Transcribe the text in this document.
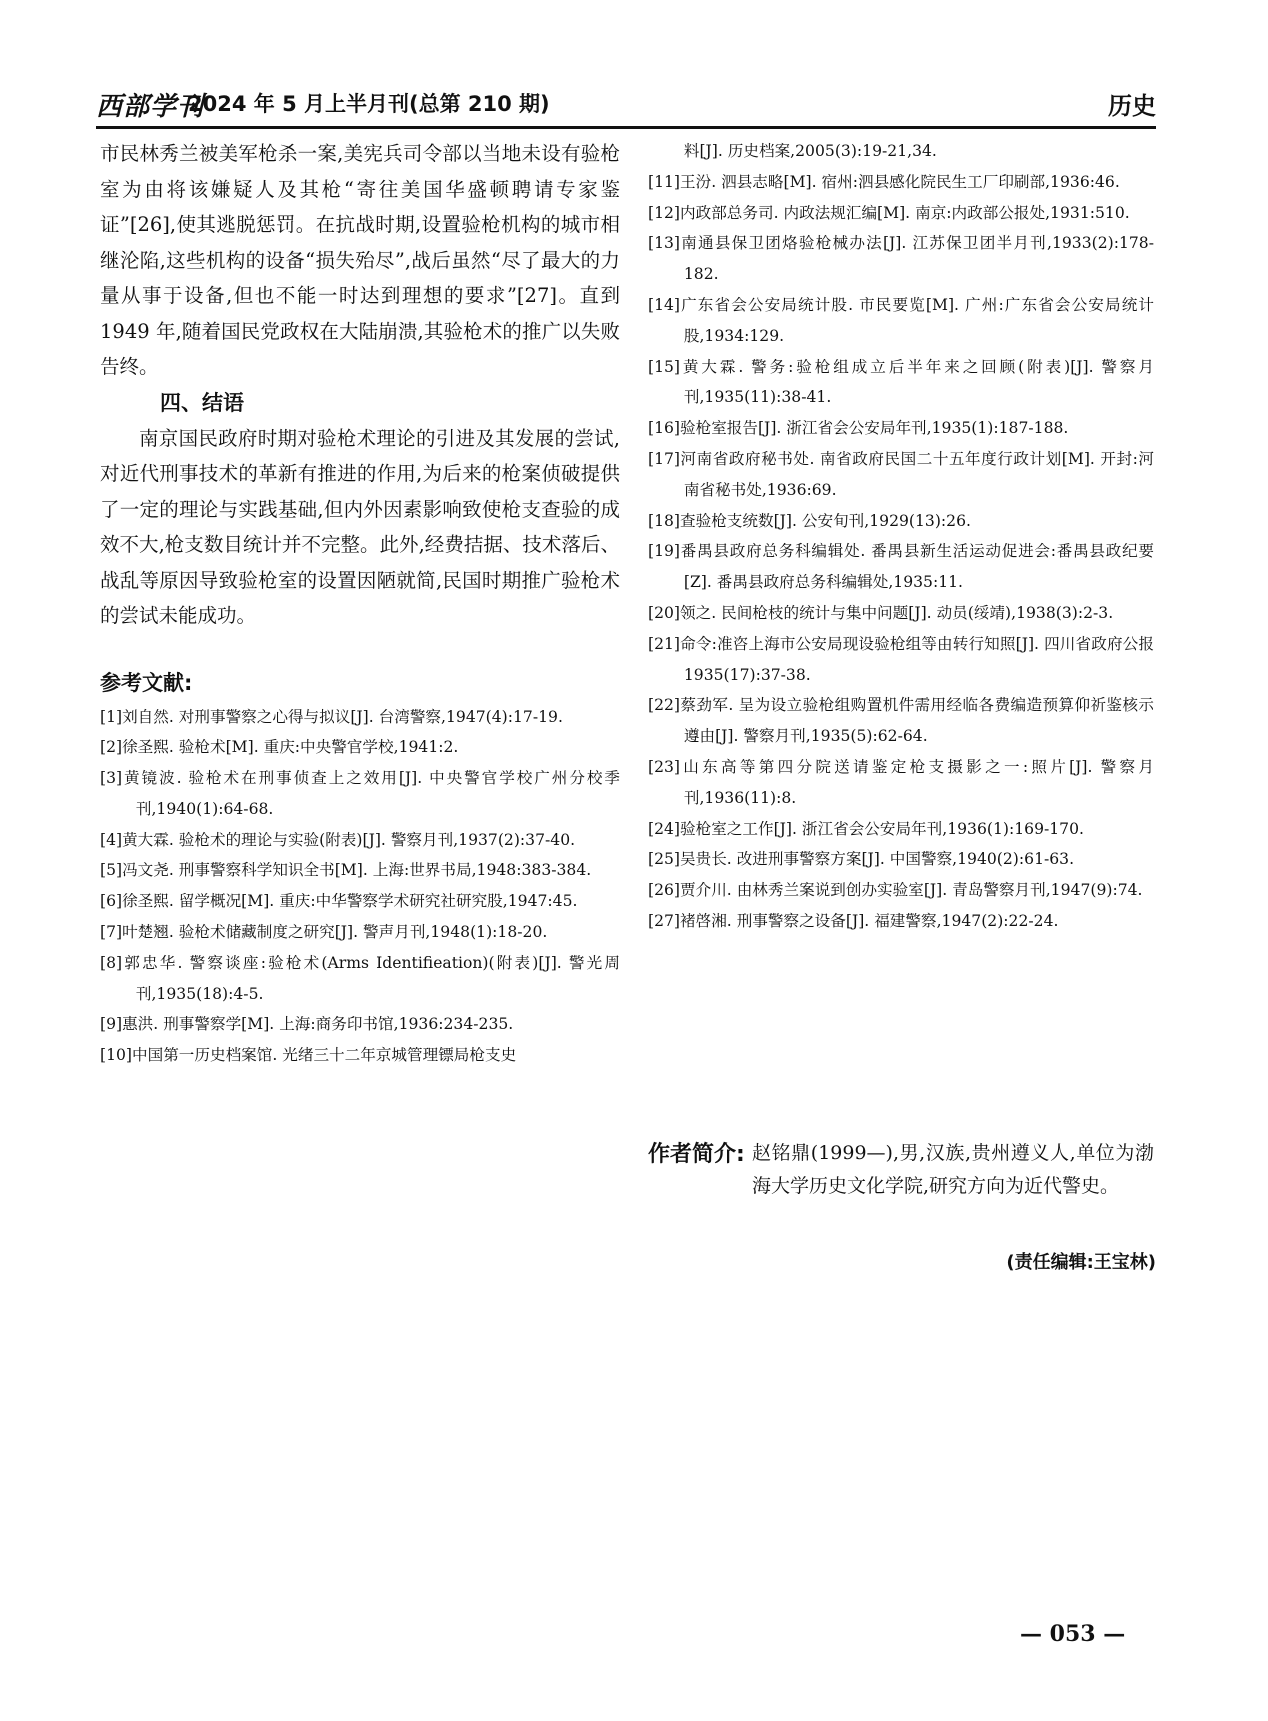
西部学刊
2024 年 5 月上半月刊(总第 210 期)	历史

市民林秀兰被美军枪杀一案,美宪兵司令部以当地未设有验枪室为由将该嫌疑人及其枪“寄往美国华盛顿聘请专家鉴证”[26],使其逃脱惩罚。在抗战时期,设置验枪机构的城市相继沦陷,这些机构的设备“损失殆尽”,战后虽然“尽了最大的力量从事于设备,但也不能一时达到理想的要求”[27]。直到 1949 年,随着国民党政权在大陆崩溃,其验枪术的推广以失败告终。

四、结语

南京国民政府时期对验枪术理论的引进及其发展的尝试,对近代刑事技术的革新有推进的作用,为后来的枪案侦破提供了一定的理论与实践基础,但内外因素影响致使枪支查验的成效不大,枪支数目统计并不完整。此外,经费拮据、技术落后、战乱等原因导致验枪室的设置因陋就简,民国时期推广验枪术的尝试未能成功。

参考文献:

[1]刘自然. 对刑事警察之心得与拟议[J]. 台湾警察,1947(4):17-19.

[2]徐圣熙. 验枪术[M]. 重庆:中央警官学校,1941:2.

[3]黄镜波. 验枪术在刑事侦查上之效用[J]. 中央警官学校广州分校季刊,1940(1):64-68.

[4]黄大霖. 验枪术的理论与实验(附表)[J]. 警察月刊,1937(2):37-40.

[5]冯文尧. 刑事警察科学知识全书[M]. 上海:世界书局,1948:383-384.

[6]徐圣熙. 留学概况[M]. 重庆:中华警察学术研究社研究股,1947:45.

[7]叶楚翘. 验枪术储藏制度之研究[J]. 警声月刊,1948(1):18-20.

[8]郭忠华. 警察谈座:验枪术(Arms Identifieation)(附表)[J]. 警光周刊,1935(18):4-5.

[9]惠洪. 刑事警察学[M]. 上海:商务印书馆,1936:234-235.

[10]中国第一历史档案馆. 光绪三十二年京城管理镖局枪支史

料[J]. 历史档案,2005(3):19-21,34.

[11]王汾. 泗县志略[M]. 宿州:泗县感化院民生工厂印刷部,1936:46.

[12]内政部总务司. 内政法规汇编[M]. 南京:内政部公报处,1931:510.

[13]南通县保卫团烙验枪械办法[J]. 江苏保卫团半月刊,1933(2):178-182.

[14]广东省会公安局统计股. 市民要览[M]. 广州:广东省会公安局统计股,1934:129.

[15]黄大霖. 警务:验枪组成立后半年来之回顾(附表)[J]. 警察月刊,1935(11):38-41.

[16]验枪室报告[J]. 浙江省会公安局年刊,1935(1):187-188.

[17]河南省政府秘书处. 南省政府民国二十五年度行政计划[M]. 开封:河南省秘书处,1936:69.

[18]查验枪支统数[J]. 公安旬刊,1929(13):26.

[19]番禺县政府总务科编辑处. 番禺县新生活运动促进会:番禺县政纪要[Z]. 番禺县政府总务科编辑处,1935:11.

[20]领之. 民间枪枝的统计与集中问题[J]. 动员(绥靖),1938(3):2-3.

[21]命令:准咨上海市公安局现设验枪组等由转行知照[J]. 四川省政府公报 1935(17):37-38.

[22]蔡劲军. 呈为设立验枪组购置机件需用经临各费编造预算仰祈鉴核示遵由[J]. 警察月刊,1935(5):62-64.

[23]山东高等第四分院送请鉴定枪支摄影之一:照片[J]. 警察月刊,1936(11):8.

[24]验枪室之工作[J]. 浙江省会公安局年刊,1936(1):169-170.

[25]吴贵长. 改进刑事警察方案[J]. 中国警察,1940(2):61-63.

[26]贾介川. 由林秀兰案说到创办实验室[J]. 青岛警察月刊,1947(9):74.

[27]褚啓湘. 刑事警察之设备[J]. 福建警察,1947(2):22-24.

作者简介: 赵铭鼎(1999—),男,汉族,贵州遵义人,单位为渤海大学历史文化学院,研究方向为近代警史。
(责任编辑:王宝林)
— 053 —
